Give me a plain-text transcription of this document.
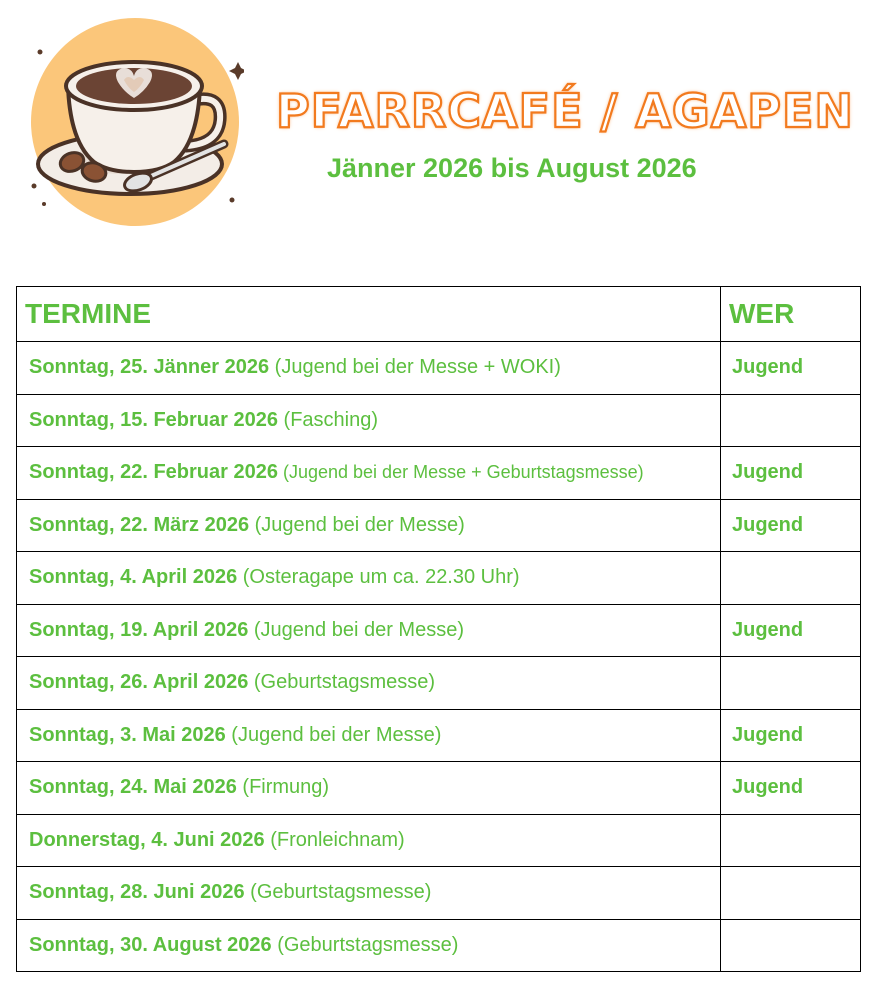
PFARRCAFÉ / AGAPEN
Jänner 2026 bis August 2026
TERMINE	WER
Sonntag, 25. Jänner 2026 (Jugend bei der Messe + WOKI)	Jugend
Sonntag, 15. Februar 2026 (Fasching)	
Sonntag, 22. Februar 2026 (Jugend bei der Messe + Geburtstagsmesse)	Jugend
Sonntag, 22. März 2026 (Jugend bei der Messe)	Jugend
Sonntag, 4. April 2026 (Osteragape um ca. 22.30 Uhr)	
Sonntag, 19. April 2026 (Jugend bei der Messe)	Jugend
Sonntag, 26. April 2026 (Geburtstagsmesse)	
Sonntag, 3. Mai 2026 (Jugend bei der Messe)	Jugend
Sonntag, 24. Mai 2026 (Firmung)	Jugend
Donnerstag, 4. Juni 2026 (Fronleichnam)	
Sonntag, 28. Juni 2026 (Geburtstagsmesse)	
Sonntag, 30. August 2026 (Geburtstagsmesse)	
